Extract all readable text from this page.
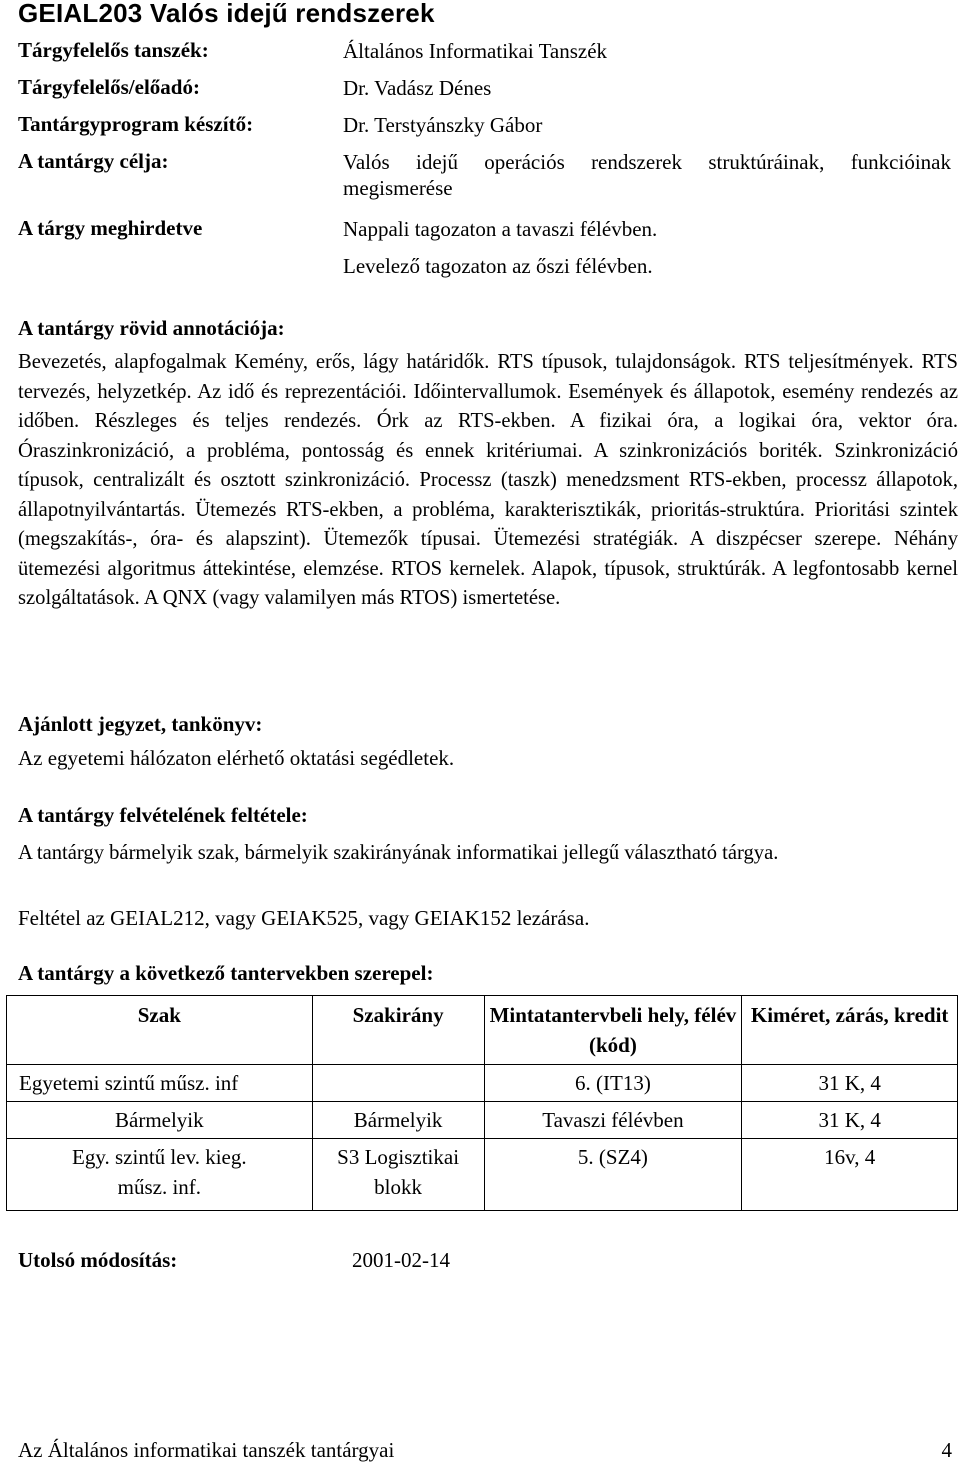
GEIAL203 Valós idejű rendszerek
Tárgyfelelős tanszék:	Általános Informatikai Tanszék
Tárgyfelelős/előadó:	Dr. Vadász Dénes
Tantárgyprogram készítő:	Dr. Terstyánszky Gábor
A tantárgy célja:	Valós idejű operációs rendszerek struktúráinak, funkcióinak megismerése
A tárgy meghirdetve	Nappali tagozaton a tavaszi félévben.
Levelező tagozaton az őszi félévben.
A tantárgy rövid annotációja:

Bevezetés, alapfogalmak Kemény, erős, lágy határidők. RTS típusok, tulajdonságok. RTS teljesítmények. RTS tervezés, helyzetkép. Az idő és reprezentációi. Időintervallumok. Események és állapotok, esemény rendezés az időben. Részleges és teljes rendezés. Órk az RTS-ekben. A fizikai óra, a logikai óra, vektor óra. Óraszinkronizáció, a probléma, pontosság és ennek kritériumai. A szinkronizációs boriték. Szinkronizáció típusok, centralizált és osztott szinkronizáció. Processz (taszk) menedzsment RTS-ekben, processz állapotok, állapotnyilvántartás. Ütemezés RTS-ekben, a probléma, karakterisztikák, prioritás-struktúra. Prioritási szintek (megszakítás-, óra- és alapszint). Ütemezők típusai. Ütemezési stratégiák. A diszpécser szerepe. Néhány ütemezési algoritmus áttekintése, elemzése. RTOS kernelek. Alapok, típusok, struktúrák. A legfontosabb kernel szolgáltatások. A QNX (vagy valamilyen más RTOS) ismertetése.

Ajánlott jegyzet, tankönyv:
Az egyetemi hálózaton elérhető oktatási segédletek.
A tantárgy felvételének feltétele:

A tantárgy bármelyik szak, bármelyik szakirányának informatikai jellegű választható tárgya.

Feltétel az GEIAL212, vagy GEIAK525, vagy GEIAK152 lezárása.
A tantárgy a következő tantervekben szerepel:
Szak	Szakirány	Mintatantervbeli hely, félév (kód)	Kiméret, zárás, kredit
Egyetemi szintű műsz. inf		6. (IT13)	31 K, 4
Bármelyik	Bármelyik	Tavaszi félévben	31 K, 4
Egy. szintű lev. kieg. műsz. inf.	S3 Logisztikai blokk	5. (SZ4)	16v, 4
Utolsó módosítás:	2001-02-14
Az Általános informatikai tanszék tantárgyai	4
